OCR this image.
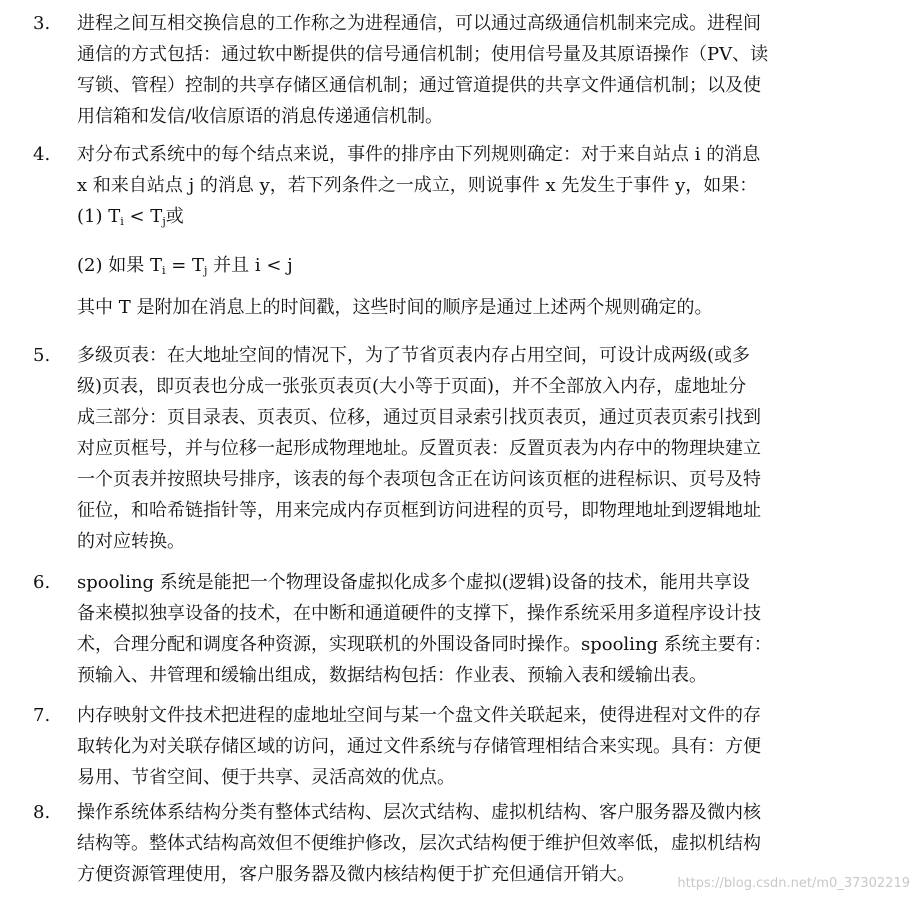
3. 进程之间互相交换信息的工作称之为进程通信，可以通过高级通信机制来完成。进程间
通信的方式包括：通过软中断提供的信号通信机制；使用信号量及其原语操作（PV、读
写锁、管程）控制的共享存储区通信机制；通过管道提供的共享文件通信机制；以及使
用信箱和发信/收信原语的消息传递通信机制。
4. 对分布式系统中的每个结点来说，事件的排序由下列规则确定：对于来自站点 i 的消息
x 和来自站点 j 的消息 y，若下列条件之一成立，则说事件 x 先发生于事件 y，如果：
(1) $T_i < T_j$或
(2) 如果 $T_i = T_j$ 并且 i < j
其中 T 是附加在消息上的时间戳，这些时间的顺序是通过上述两个规则确定的。
5. 多级页表：在大地址空间的情况下，为了节省页表内存占用空间，可设计成两级(或多
级)页表，即页表也分成一张张页表页(大小等于页面)，并不全部放入内存，虚地址分
成三部分：页目录表、页表页、位移，通过页目录索引找页表页，通过页表页索引找到
对应页框号，并与位移一起形成物理地址。反置页表：反置页表为内存中的物理块建立
一个页表并按照块号排序，该表的每个表项包含正在访问该页框的进程标识、页号及特
征位，和哈希链指针等，用来完成内存页框到访问进程的页号，即物理地址到逻辑地址
的对应转换。
6. spooling 系统是能把一个物理设备虚拟化成多个虚拟(逻辑)设备的技术，能用共享设
备来模拟独享设备的技术，在中断和通道硬件的支撑下，操作系统采用多道程序设计技
术，合理分配和调度各种资源，实现联机的外围设备同时操作。spooling 系统主要有：
预输入、井管理和缓输出组成，数据结构包括：作业表、预输入表和缓输出表。
7. 内存映射文件技术把进程的虚地址空间与某一个盘文件关联起来，使得进程对文件的存
取转化为对关联存储区域的访问，通过文件系统与存储管理相结合来实现。具有：方便
易用、节省空间、便于共享、灵活高效的优点。
8. 操作系统体系结构分类有整体式结构、层次式结构、虚拟机结构、客户服务器及微内核
结构等。整体式结构高效但不便维护修改，层次式结构便于维护但效率低，虚拟机结构
方便资源管理使用，客户服务器及微内核结构便于扩充但通信开销大。	https://blog.csdn.net/m0_37302219
